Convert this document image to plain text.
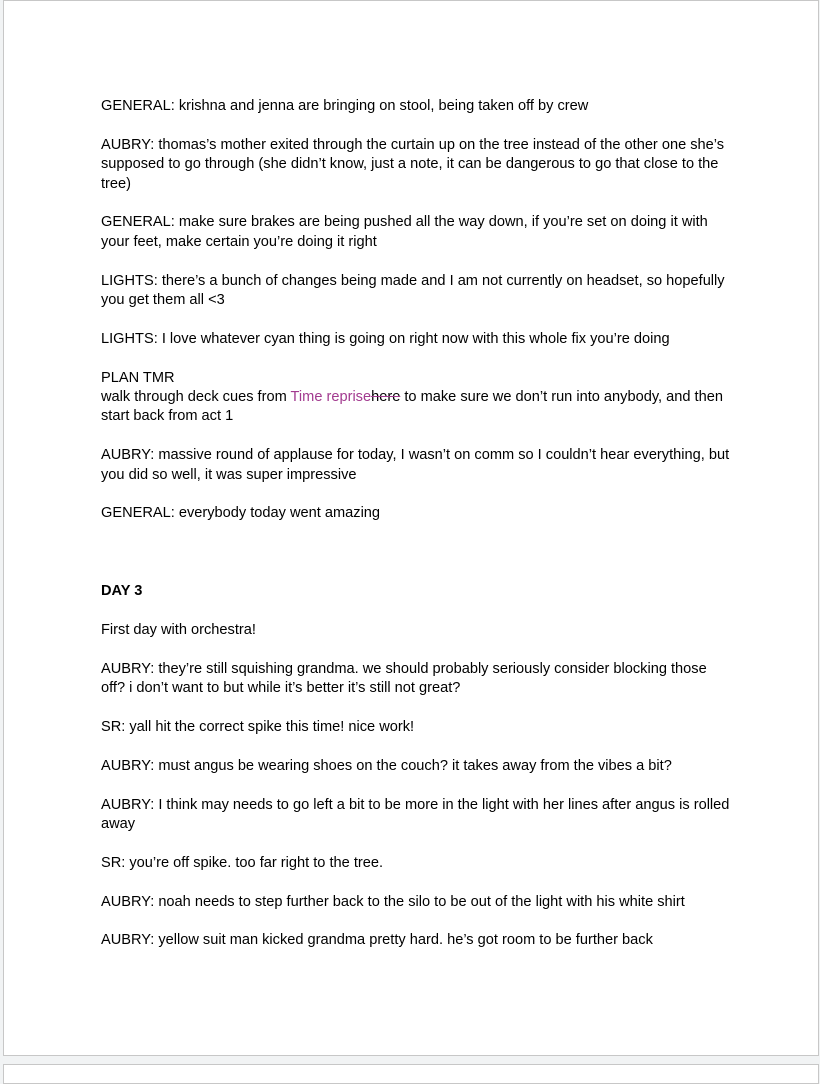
GENERAL: krishna and jenna are bringing on stool, being taken off by crew

AUBRY: thomas’s mother exited through the curtain up on the tree instead of the other one she’s supposed to go through (she didn’t know, just a note, it can be dangerous to go that close to the tree)

GENERAL: make sure brakes are being pushed all the way down, if you’re set on doing it with your feet, make certain you’re doing it right

LIGHTS: there’s a bunch of changes being made and I am not currently on headset, so hopefully you get them all <3

LIGHTS: I love whatever cyan thing is going on right now with this whole fix you’re doing

PLAN TMR
walk through deck cues from Time reprisehere to make sure we don’t run into anybody, and then start back from act 1

AUBRY: massive round of applause for today, I wasn’t on comm so I couldn’t hear everything, but you did so well, it was super impressive

GENERAL: everybody today went amazing

DAY 3

First day with orchestra!

AUBRY: they’re still squishing grandma. we should probably seriously consider blocking those off? i don’t want to but while it’s better it’s still not great?

SR: yall hit the correct spike this time! nice work!

AUBRY: must angus be wearing shoes on the couch? it takes away from the vibes a bit?

AUBRY: I think may needs to go left a bit to be more in the light with her lines after angus is rolled away

SR: you’re off spike. too far right to the tree.

AUBRY: noah needs to step further back to the silo to be out of the light with his white shirt

AUBRY: yellow suit man kicked grandma pretty hard. he’s got room to be further back
